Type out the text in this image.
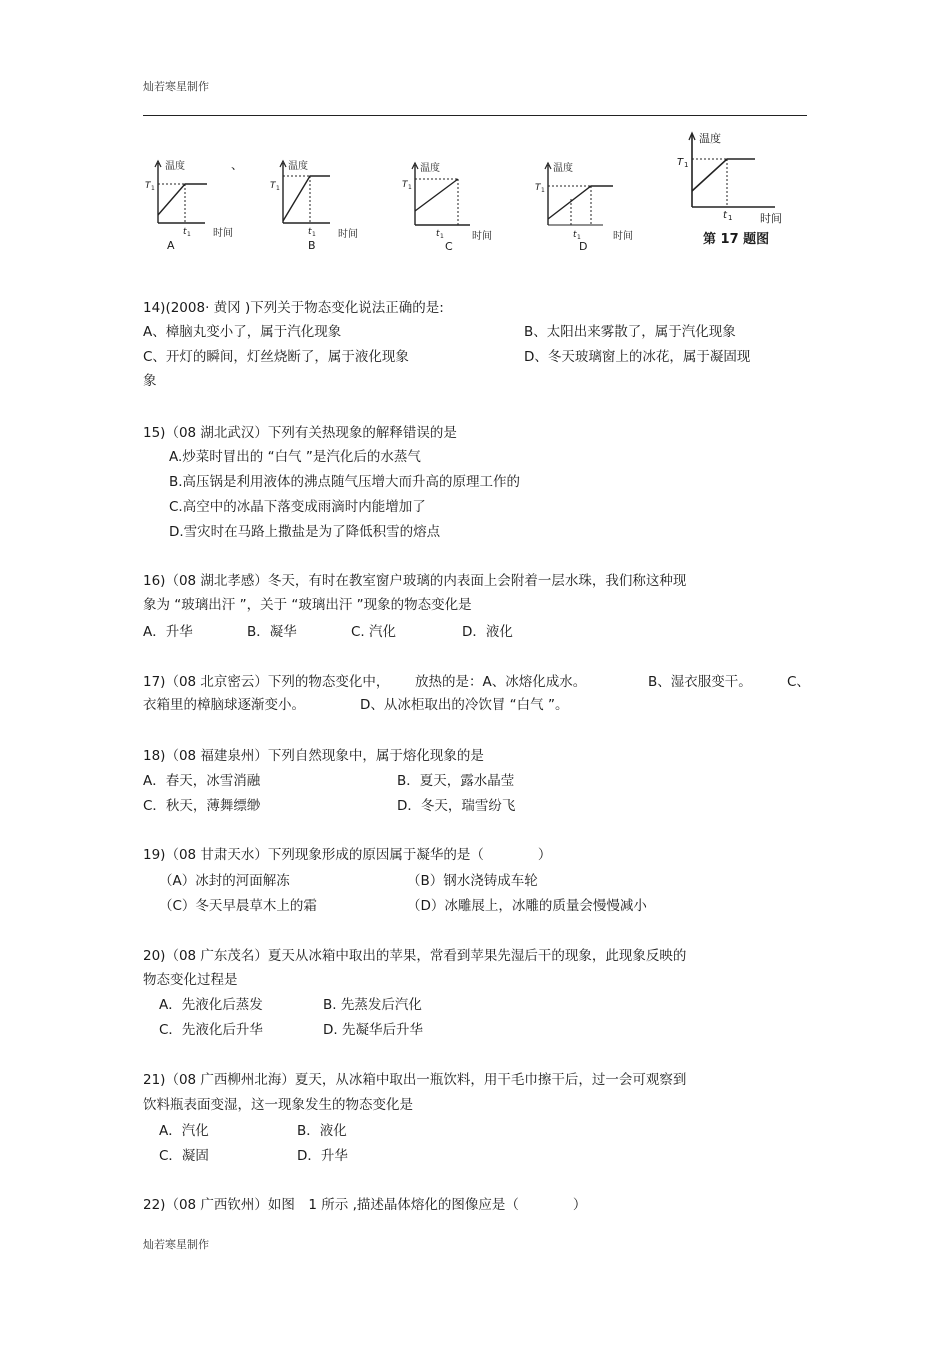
灿若寒星制作
温度
T 1
t 1 时间
A
、	温度
T 1
t 1 时间
B
温度
T 1
t 1	时间
C
温度
T 1
t 1	时间
D
温度
T 1
t 1	时间
第 17 题图
14)(2008· 黄冈 )下列关于物态变化说法正确的是:
A、樟脑丸变小了，属于汽化现象	B、太阳出来雾散了，属于汽化现象
C、开灯的瞬间，灯丝烧断了，属于液化现象	D、冬天玻璃窗上的冰花，属于凝固现
象
15)（08 湖北武汉）下列有关热现象的解释错误的是
A.炒菜时冒出的 “白气 ”是汽化后的水蒸气
B.高压锅是利用液体的沸点随气压增大而升高的原理工作的
C.高空中的冰晶下落变成雨滴时内能增加了
D.雪灾时在马路上撒盐是为了降低积雪的熔点
16)（08 湖北孝感）冬天，有时在教室窗户玻璃的内表面上会附着一层水珠，我们称这种现
象为 “玻璃出汗 ”，关于 “玻璃出汗 ”现象的物态变化是
A．升华	B．凝华	C. 汽化	D．液化
17)（08 北京密云）下列的物态变化中， 放热的是：A、冰熔化成水。	B、湿衣服变干。	C、
衣箱里的樟脑球逐渐变小。	D、从冰柜取出的冷饮冒 “白气 ”。
18)（08 福建泉州）下列自然现象中，属于熔化现象的是
A．春天，冰雪消融	B．夏天，露水晶莹
C．秋天，薄舞缥缈	D．冬天，瑞雪纷飞
19)（08 甘肃天水）下列现象形成的原因属于凝华的是（　　　　）
（A）冰封的河面解冻	（B）钢水浇铸成车轮
（C）冬天早晨草木上的霜	（D）冰雕展上，冰雕的质量会慢慢减小
20)（08 广东茂名）夏天从冰箱中取出的苹果，常看到苹果先湿后干的现象，此现象反映的
物态变化过程是
A．先液化后蒸发	B. 先蒸发后汽化
C．先液化后升华	D. 先凝华后升华
21)（08 广西柳州北海）夏天，从冰箱中取出一瓶饮料，用干毛巾擦干后，过一会可观察到
饮料瓶表面变湿，这一现象发生的物态变化是
A．汽化	B．液化
C．凝固	D．升华
22)（08 广西钦州）如图　1 所示 ,描述晶体熔化的图像应是（　　　　）
灿若寒星制作
